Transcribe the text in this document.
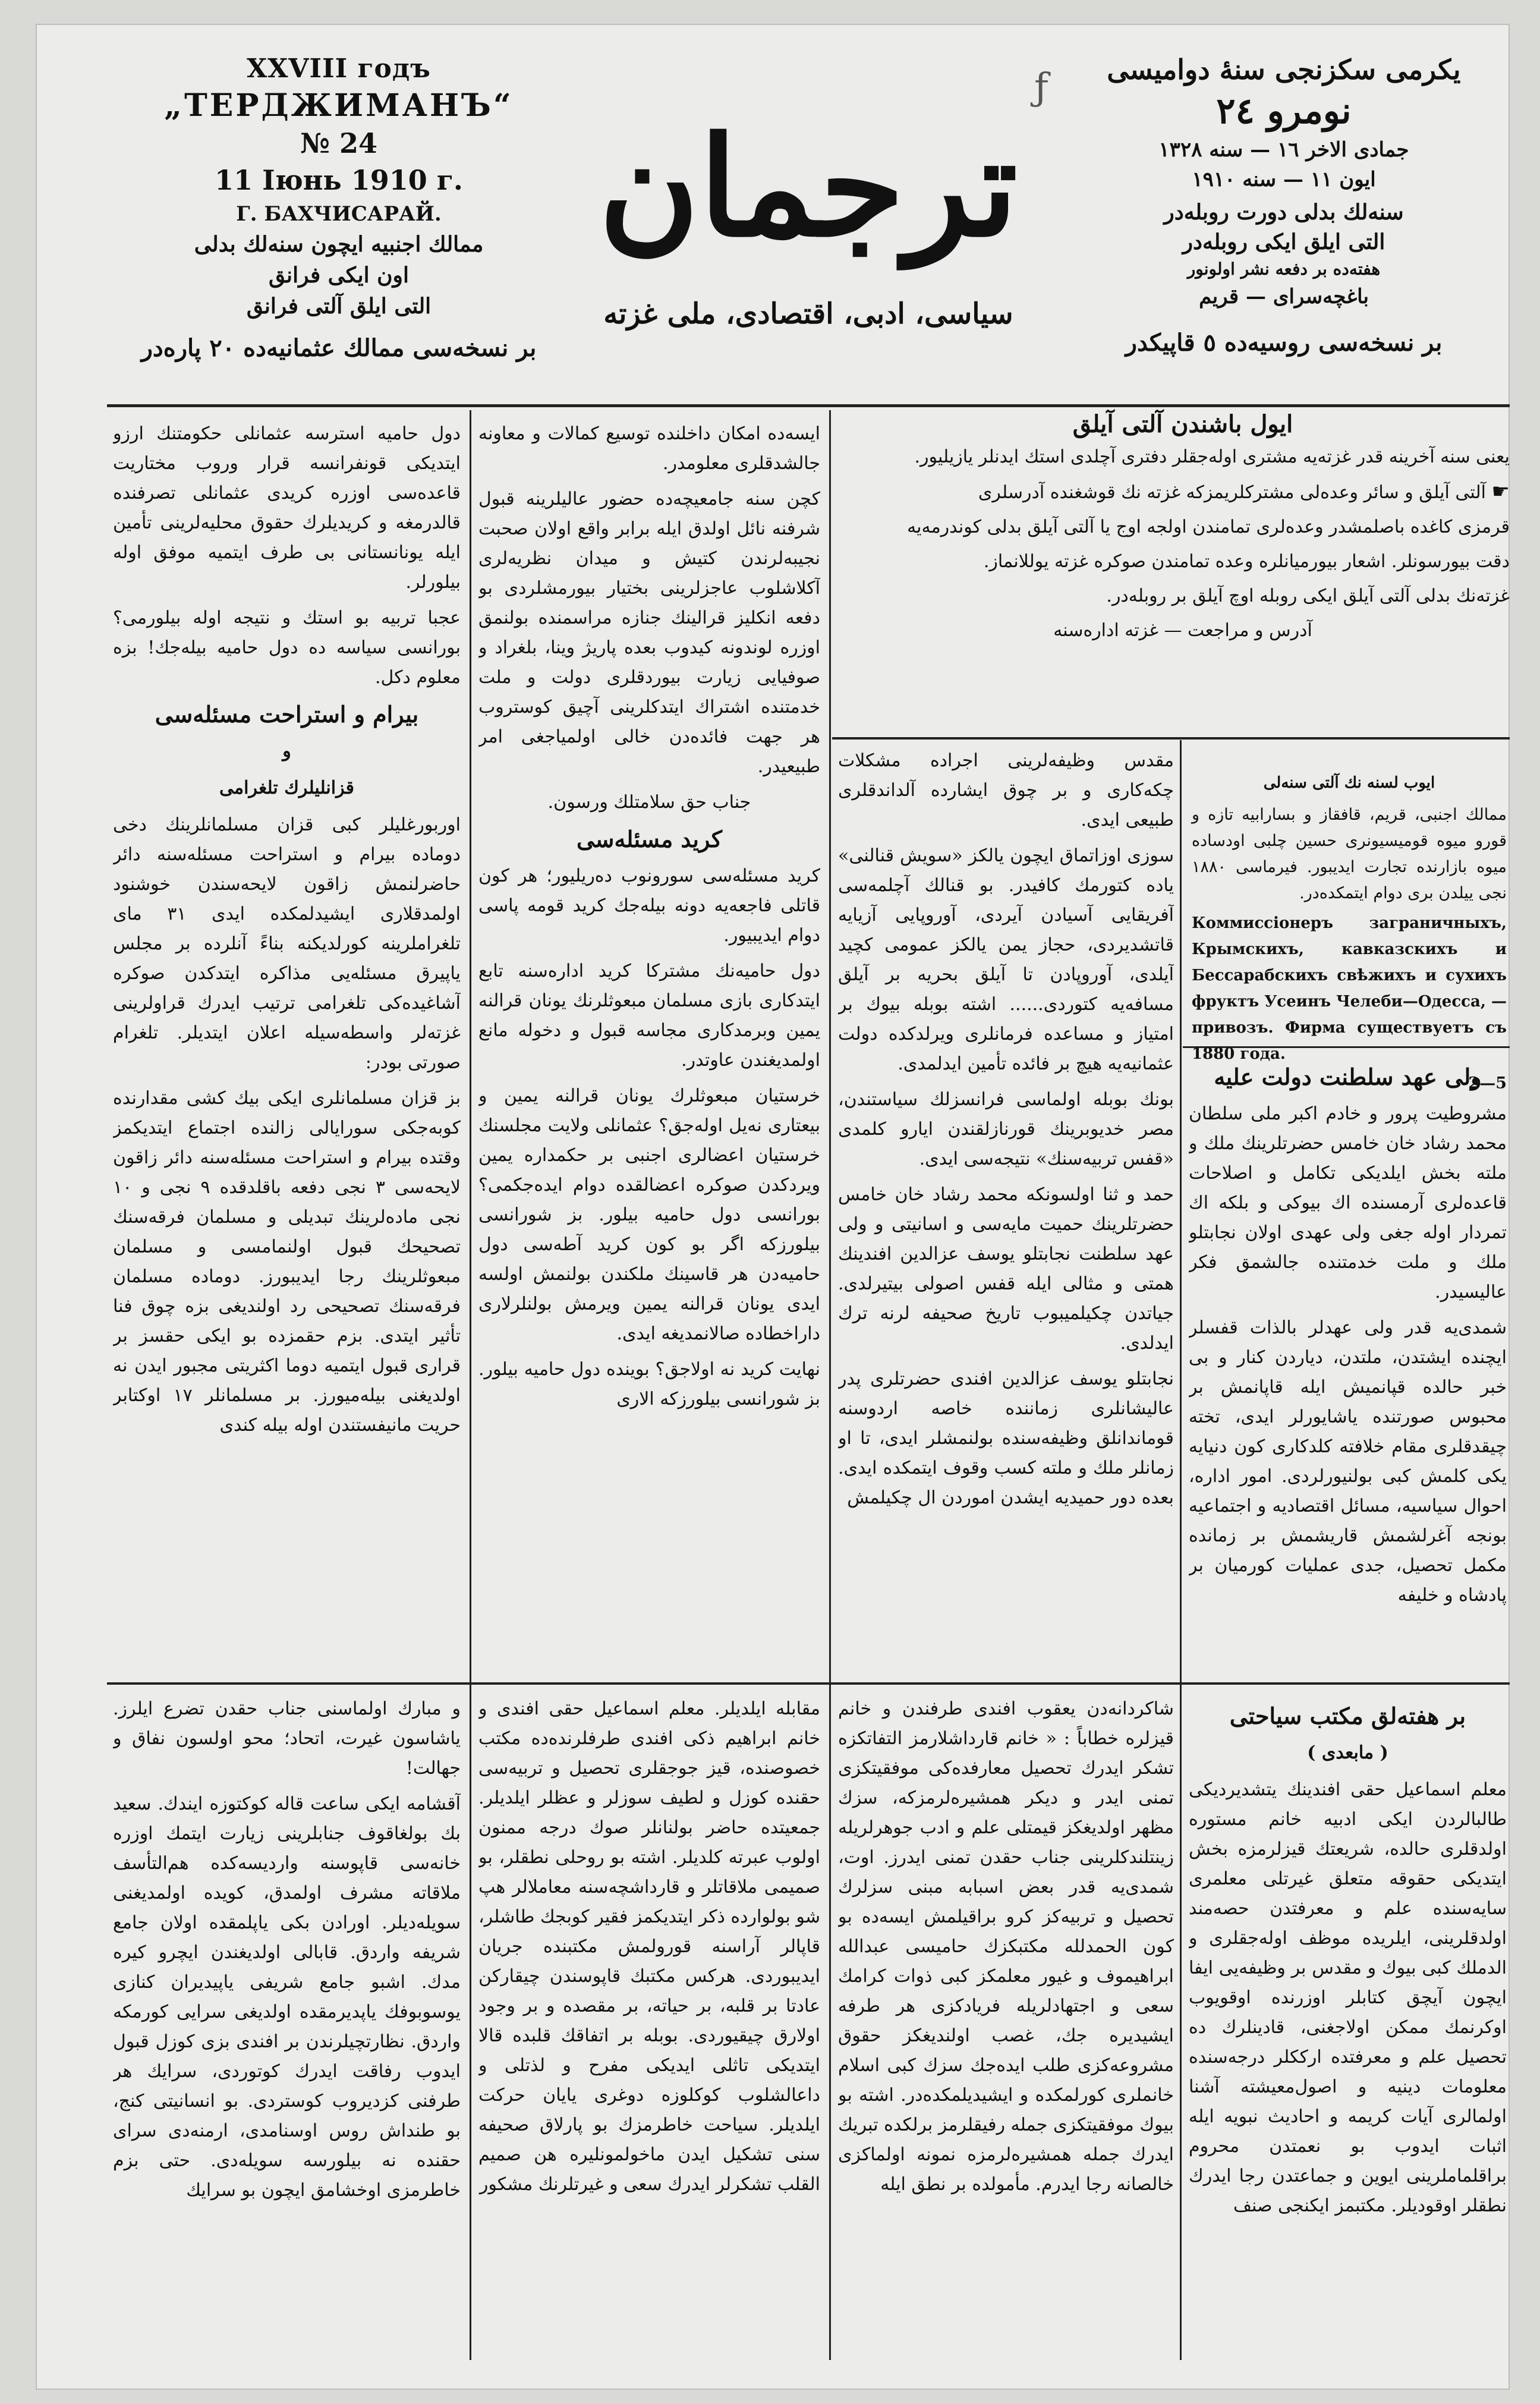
ƒ
XXVIII годъ
„ТЕРДЖИМАНЪ“
№ 24
11 Iюнь 1910 г.
Г. БАХЧИСАРАЙ.
ممالك اجنبیه ایچون سنه‌لك بدلی
اون ایکی فرانق
التی ایلق آلتی فرانق
بر نسخه‌سی ممالك عثمانیه‌ده ۲۰ پاره‌در
ترجمان
سیاسی، ادبی، اقتصادی، ملی غزته
یکرمی سکزنجی سنهٔ دوامیسی
نومرو ۲٤
جمادی الاخر ۱٦ — سنه ۱۳۲۸
ایون ۱۱ — سنه ۱۹۱۰
سنه‌لك بدلی دورت روبله‌در
التی ایلق ایکی روبله‌در
هفته‌ده بر دفعه نشر اولونور
باغچه‌سرای — قریم
بر نسخه‌سی روسیه‌ده ٥ قاپیکدر
ایول باشندن آلتی آیلق

یعنی سنه آخرینه قدر غزته‌یه مشتری اوله‌جقلر دفتری آچلدی استك ایدنلر یازیلیور.

☛ آلتی آیلق و سائر وعده‌لی مشترکلریمزکه غزته‌ نك قوشغنده آدرسلری

قرمزی کاغده باصلمشدر وعده‌لری تمامندن اولجه اوج یا آلتی آیلق بدلی کوندرمه‌یه

دقت بیورسونلر. اشعار بیورمیانلره وعده تمامندن صوکره غزته یوللانماز.

غزته‌نك بدلی آلتی آیلق ایکی روبله اوچ آیلق بر روبله‌در.

آدرس و مراجعت — غزته اداره‌سنه

ایوب لسنه‌ نك آلتی سنه‌لی
ممالك اجنبی، قریم، قافقاز و بسارابیه تازه و قورو میوه قومیسیونری حسین چلبی اودساده میوه بازارنده تجارت ایدیبور. فیرماسی ۱۸۸۰ نجی ییلدن بری دوام ایتمکده‌در.
Коммиссiонеръ заграничныхъ, Крымскихъ, кавказскихъ и Бессарабскихъ свѣжихъ и сухихъ фруктъ Усеинъ Челеби—Одесса, — привозъ. Фирма существуетъ съ 1880 года.
2—5

دول حامیه استرسه عثمانلی حکومتنك ارزو ایتدیکی قونفرانسه قرار وروب مختاریت قاعده‌سی اوزره کریدی عثمانلی تصرفنده قالدرمغه و کریدیلرك حقوق محلیه‌لرینی تأمین ایله یونانستانی بی طرف ایتمیه موفق اوله بیلورلر.

عجبا تربیه بو استك و نتیجه اوله بیلورمی؟ بورانسی سیاسه‌ ده دول حامیه بیله‌جك! بزه معلوم دکل.

بیرام و استراحت مسئله‌سی

و

قزانلیلرك تلغرامی

اوربورغلیلر کبی قزان مسلمانلرینك دخی دوماده بیرام و استراحت مسئله‌سنه دائر حاضرلنمش زاقون لایحه‌سندن خوشنود اولمدقلاری ایشیدلمکده ایدی ۳۱ مای تلغراملرینه کورلدیکنه بناءً آنلرده بر مجلس یاپیرق مسئله‌یی مذاکره ایتدکدن صوکره آشاغیده‌کی تلغرامی ترتیب ایدرك قراولرینی غزته‌لر واسطه‌سیله اعلان ایتدیلر. تلغرام صورتی بودر:

بز قزان مسلمانلری ایکی بیك کشی مقدارنده کوبه‌جکی سورایالی زالنده اجتماع ایتدیکمز وقتده بیرام و استراحت مسئله‌سنه دائر زاقون لایحه‌سی ۳ نجی دفعه باقلدقده ۹ نجی و ۱۰ نجی ماده‌لرینك تبدیلی و مسلمان فرقه‌سنك تصحیحك قبول اولنمامسی و مسلمان مبعوثلرینك رجا ایدیبورز. دوماده مسلمان فرقه‌سنك تصحیحی رد اولندیغی بزه چوق فنا تأثیر ایتدی. بزم حقمزده بو ایکی حقسز بر قراری قبول ایتمیه دوما اکثریتی مجبور ایدن نه اولدیغنی بیله‌میورز. بر مسلمانلر ۱۷ اوکتابر حریت مانیفستندن اوله بیله کندی

ایسه‌ده امکان داخلنده توسیع کمالات و معاونه جالشدقلری معلومدر.

کچن سنه جامعیچه‌ده حضور عالیلرینه قبول شرفنه نائل اولدق ایله برابر واقع اولان صحبت نجیبه‌لرندن کتیش و میدان نظریه‌لری آکلاشلوب عاجزلرینی بختیار بیورمشلردی بو دفعه انکلیز قرالینك جنازه مراسمنده بولنمق اوزره لوندونه کیدوب بعده پاریژ وینا، بلغراد و صوفیایی زیارت بیوردقلری دولت و ملت خدمتنده اشتراك ایتدکلرینی آچیق کوستروب هر جهت فائده‌دن خالی اولمیاجغی امر طبیعیدر.

جناب حق سلامتلك ورسون.

کرید مسئله‌سی

کرید مسئله‌سی سورونوب ده‌ریلیور؛ هر کون قاتلی فاجعه‌یه دونه بیله‌جك کرید قومه‌ پاسی دوام ایدیبیور.

دول حامیه‌نك مشترکا کرید اداره‌سنه تابع ایتدکاری بازی مسلمان مبعوثلرنك یونان قرالنه یمین وبرمدکاری مجاسه قبول و دخوله مانع اولمدیغندن عاوتدر.

خرستیان مبعوثلرك یونان قرالنه یمین و بیعتاری نه‌یل اوله‌جق؟ عثمانلی ولایت مجلسنك خرستیان اعضالری اجنبی بر حکمداره یمین ویردکدن صوکره اعضالقده دوام ایده‌جکمی؟ بورانسی دول حامیه بیلور. بز شورانسی بیلورزکه اگر بو کون کرید آطه‌سی دول حامیه‌دن هر قاسینك ملکندن بولنمش اولسه ایدی یونان قرالنه یمین ویرمش بولنلرلاری داراخطاده صالانمدیغه ایدی.

نهایت کرید نه اولاجق؟ بوینده دول حامیه بیلور. بز شورانسی بیلورزکه الاری

مقدس وظیفه‌لرینی اجراده مشکلات چکه‌کاری و بر چوق ایشارده آلداندقلری طبیعی ایدی.

سوزی اوزاتماق ایچون یالکز «سویش قنالنی» یاده کتورمك کافیدر. بو قنالك آچلمه‌سی آفریقایی آسیادن آیردی، آوروپایی آزیایه قاتشدیردی، حجاز یمن یالکز عمومی کچید آیلدی، آوروپادن تا آیلق بحریه بر آیلق مسافه‌یه کتوردی...... اشته بوبله بیوك بر امتیاز و مساعده فرمانلری ویرلدکده دولت عثمانیه‌یه هیچ بر فائده تأمین ایدلمدی.

بونك بوبله اولماسی فرانسزلك سیاستندن، مصر خدیوبرینك قورنازلقندن ایارو کلمدی «قفس تربیه‌سنك» نتیجه‌سی ایدی.

حمد و ثنا اولسونکه محمد رشاد خان خامس حضرتلرینك حمیت مایه‌سی و اسانیتی و ولی عهد سلطنت نجابتلو یوسف عزالدین افندینك همتی و مثالی ایله قفس اصولی بیتیرلدی. جیاتدن چکیلمیبوب تاریخ صحیفه لرنه ترك ایدلدی.

نجابتلو یوسف عزالدین افندی حضرتلری پدر عالیشانلری زماننده خاصه اردوسنه قوماندانلق وظیفه‌سنده بولنمشلر ایدی، تا او زمانلر ملك و ملته کسب وقوف ایتمکده ایدی. بعده دور حمیدیه ایشدن اموردن ال چکیلمش

ولی عهد سلطنت دولت علیه

مشروطیت پرور و خادم اکبر ملی سلطان محمد رشاد خان خامس حضرتلرینك ملك و ملته بخش ایلدیکی تکامل و اصلاحات قاعده‌لری آرمسنده اك بیوکی و بلکه اك تمردار اوله جغی ولی عهدی اولان نجابتلو ملك و ملت خدمتنده جالشمق فکر عالیسیدر.

شمدی‌یه قدر ولی عهدلر بالذات قفسلر ایچنده ایشتدن، ملتدن، دیاردن کنار و بی خبر حالده قپانمیش ایله قاپانمش بر محبوس صورتنده یاشایورلر ایدی، تخته چیقدقلری مقام خلافته کلدکاری کون دنیایه یکی کلمش کبی بولنیورلردی. امور اداره، احوال سیاسیه، مسائل اقتصادیه و اجتماعیه بونجه آغرلشمش قاریشمش بر زمانده مکمل تحصیل، جدی عملیات کورمیان بر پادشاه و خلیفه

و مبارك اولماسنی جناب حقدن تضرع ایلرز. یاشاسون غیرت، اتحاد؛ محو اولسون نفاق و جهالت!

آقشامه ایکی ساعت قاله کوکتوزه ایندك. سعید بك بولغاقوف جنابلرینی زیارت ایتمك اوزره خانه‌سی قاپوسنه واردیسه‌کده هم‌التأسف ملاقاته مشرف اولمدق، کویده اولمدیغنی سویله‌دیلر. اورادن بکی یاپلمقده اولان جامع شریفه واردق. قابالی اولدیغندن ایچرو کیره مدك. اشبو جامع شریفی یاپیدیران کنازی یوسوبوفك یاپدیرمقده اولدیغی سرایی کورمکه واردق. نظارتچیلرندن بر افندی بزی کوزل قبول ایدوب رفاقت ایدرك کوتوردی، سرایك هر طرفنی کزدیروب کوستردی. بو انسانیتی کنج، بو طنداش روس اوسنامدی، ارمنه‌دی سرای حقنده نه بیلورسه سویله‌دی. حتی بزم خاطرمزی اوخشامق ایچون بو سرایك

مقابله ایلدیلر. معلم اسماعیل حقی افندی و خانم ابراهیم ذکی افندی طرفلرنده‌ده مکتب خصوصنده، قیز جوجقلری تحصیل و تربیه‌سی حقنده کوزل و لطیف سوزلر و عظلر ایلدیلر. جمعیتده حاضر بولنانلر صوك درجه ممنون اولوب عبرته کلدیلر. اشته بو روحلی نطقلر، بو صمیمی ملاقاتلر و قارداشچه‌سنه معاملالر هپ شو بولوارده ذکر ایتدیکمز فقیر کوبجك طاشلر، قاپالر آراسنه قورولمش مکتبنده جریان ایدیبوردی. هرکس مکتبك قاپوسندن چیقارکن عادتا بر قلبه، بر حیاته، بر مقصده و بر وجود اولارق چیقیوردی. بوبله بر اتفاقك قلبده قالا ایتدیکی تاثلی ایدیکی مفرح و لذتلی و داعالشلوب کوکلوزه دوغری یایان حرکت ایلدیلر. سیاحت خاطرمزك بو پارلاق صحیفه سنی تشکیل ایدن ماخولمونلیره هن صمیم القلب تشکرلر ایدرك سعی و غیرتلرنك مشکور

شاکردانه‌دن یعقوب افندی طرفندن و خانم قیزلره خطاباً : « خانم قارداشلارمز التفاتکزه تشکر ایدرك تحصیل معارفده‌کی موفقیتکزی تمنی ایدر و دیکر همشیره‌لرمزکه، سزك مظهر اولدیغکز قیمتلی علم و ادب جوهرلریله زینتلندکلرینی جناب حقدن تمنی ایدرز. اوت، شمدی‌یه قدر بعض اسبابه مبنی سزلرك تحصیل و تربیه‌کز کرو براقیلمش ایسه‌ده بو کون الحمدلله مکتبکزك حامیسی عبدالله ابراهیموف و غیور معلمکز کبی ذوات کرامك سعی و اجتهادلریله فریادکزی هر طرفه ایشیدیره جك، غصب اولندیغکز حقوق مشروعه‌کزی طلب ایده‌جك سزك کبی اسلام خانملری کورلمکده و ایشیدیلمکده‌در. اشته بو بیوك موفقیتکزی جمله رفیقلرمز برلکده تبریك ایدرك جمله همشیره‌لرمزه نمونه اولماکزی خالصانه رجا ایدرم. مأمولده بر نطق ایله

بر هفته‌لق مکتب سیاحتی

( مابعدی )

معلم اسماعیل حقی افندینك یتشدیردیکی طالبالردن ایکی ادبیه خانم مستوره اولدقلری حالده، شریعتك قیزلرمزه بخش ایتدیکی حقوقه متعلق غیرتلی معلمری سایه‌سنده علم و معرفتدن حصه‌مند اولدقلرینی، ایلریده موظف اوله‌جقلری و الدملك کبی بیوك و مقدس بر وظیفه‌یی ایفا ایچون آیچق کتابلر اوزرنده اوقویوب اوکرنمك ممکن اولاجغنی، قادینلرك ده تحصیل علم و معرفتده ارککلر درجه‌سنده معلومات دینیه و اصول‌معیشته آشنا اولمالری آیات کریمه و احادیث نبویه ایله اثبات ایدوب بو نعمتدن محروم براقلماملرینی ایوین و جماعتدن رجا ایدرك نطقلر اوقودیلر. مکتبمز ایکنجی صنف
